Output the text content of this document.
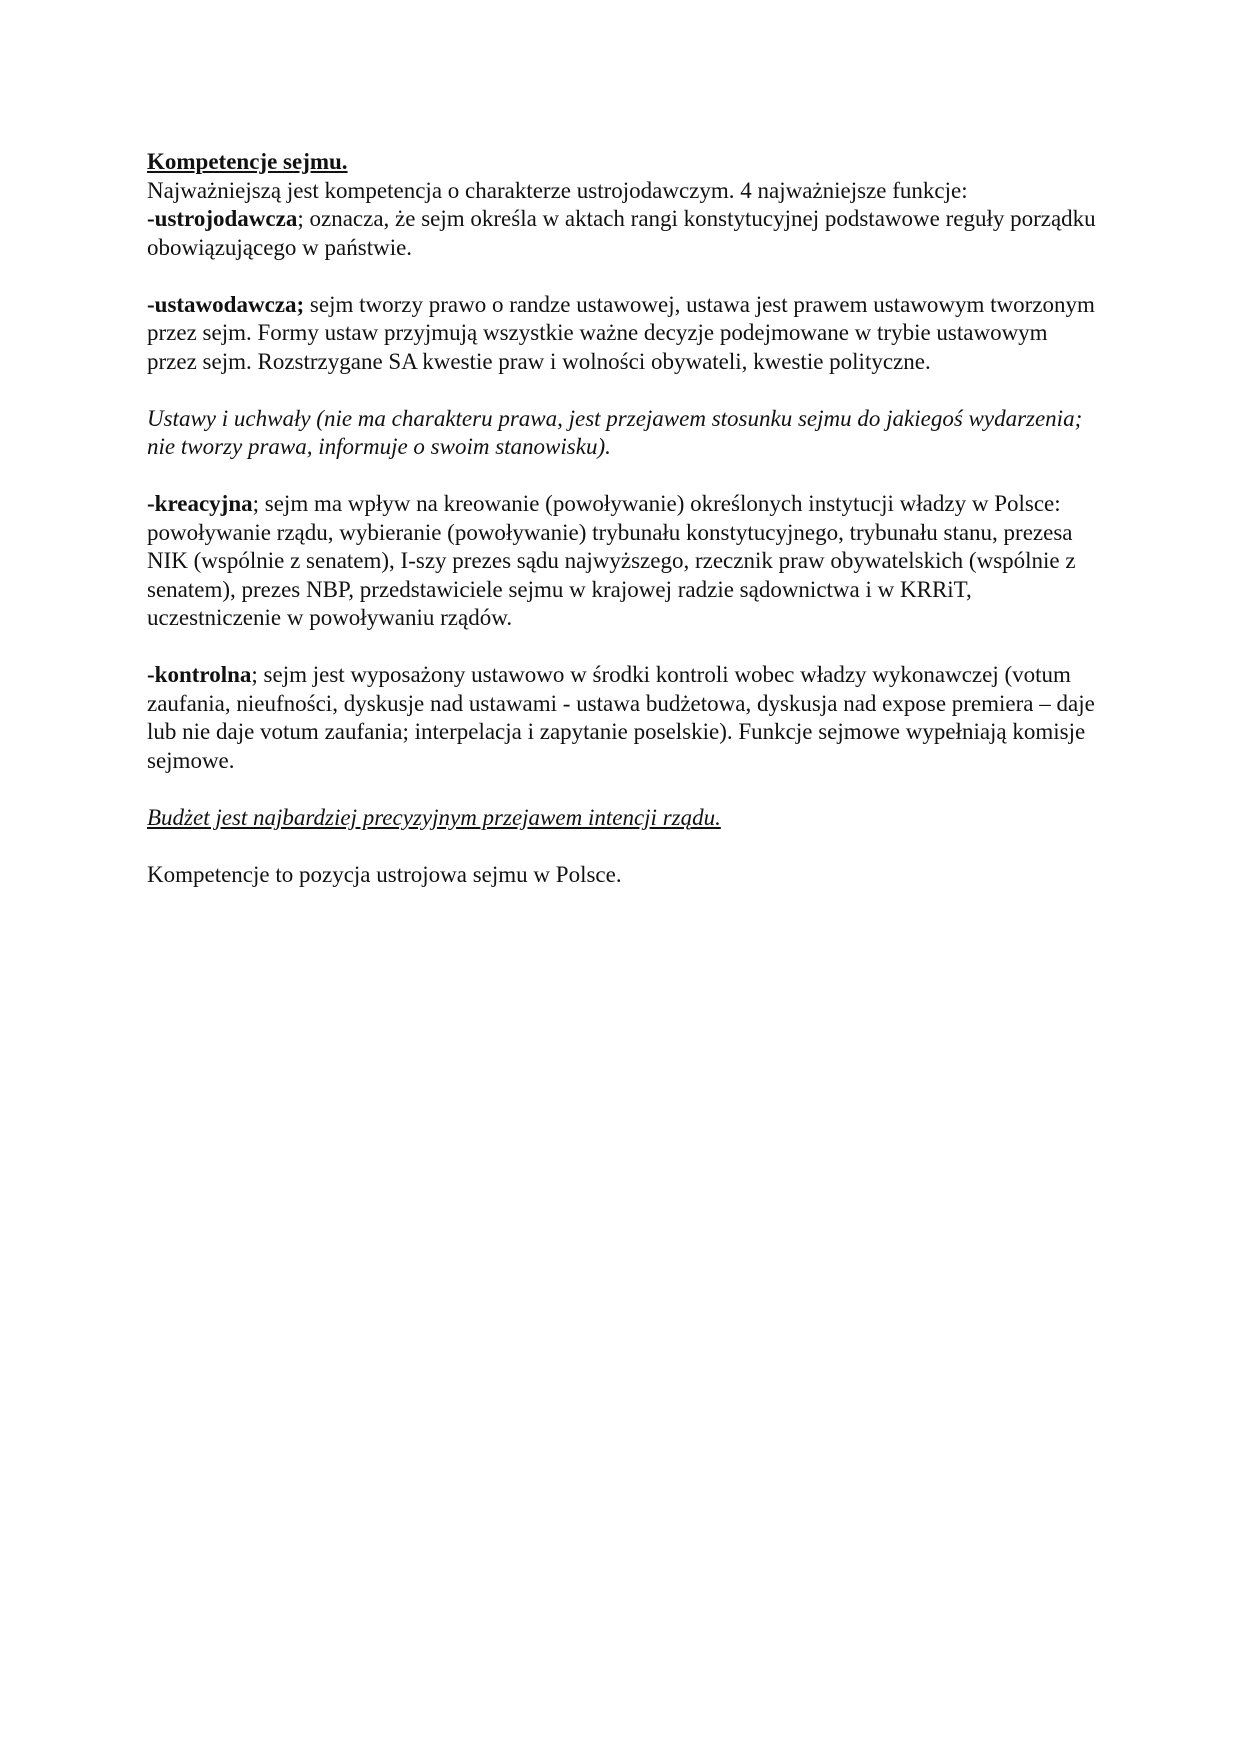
Kompetencje sejmu.

Najważniejszą jest kompetencja o charakterze ustrojodawczym. 4 najważniejsze funkcje:

-ustrojodawcza; oznacza, że sejm określa w aktach rangi konstytucyjnej podstawowe reguły porządku obowiązującego w państwie.

-ustawodawcza; sejm tworzy prawo o randze ustawowej, ustawa jest prawem ustawowym tworzonym przez sejm. Formy ustaw przyjmują wszystkie ważne decyzje podejmowane w trybie ustawowym przez sejm. Rozstrzygane SA kwestie praw i wolności obywateli, kwestie polityczne.

Ustawy i uchwały (nie ma charakteru prawa, jest przejawem stosunku sejmu do jakiegoś wydarzenia; nie tworzy prawa, informuje o swoim stanowisku).

-kreacyjna; sejm ma wpływ na kreowanie (powoływanie) określonych instytucji władzy w Polsce: powoływanie rządu, wybieranie (powoływanie) trybunału konstytucyjnego, trybunału stanu, prezesa NIK (wspólnie z senatem), I-szy prezes sądu najwyższego, rzecznik praw obywatelskich (wspólnie z senatem), prezes NBP, przedstawiciele sejmu w krajowej radzie sądownictwa i w KRRiT, uczestniczenie w powoływaniu rządów.

-kontrolna; sejm jest wyposażony ustawowo w środki kontroli wobec władzy wykonawczej (votum zaufania, nieufności, dyskusje nad ustawami - ustawa budżetowa, dyskusja nad expose premiera – daje lub nie daje votum zaufania; interpelacja i zapytanie poselskie). Funkcje sejmowe wypełniają komisje sejmowe.

Budżet jest najbardziej precyzyjnym przejawem intencji rządu.

Kompetencje to pozycja ustrojowa sejmu w Polsce.
